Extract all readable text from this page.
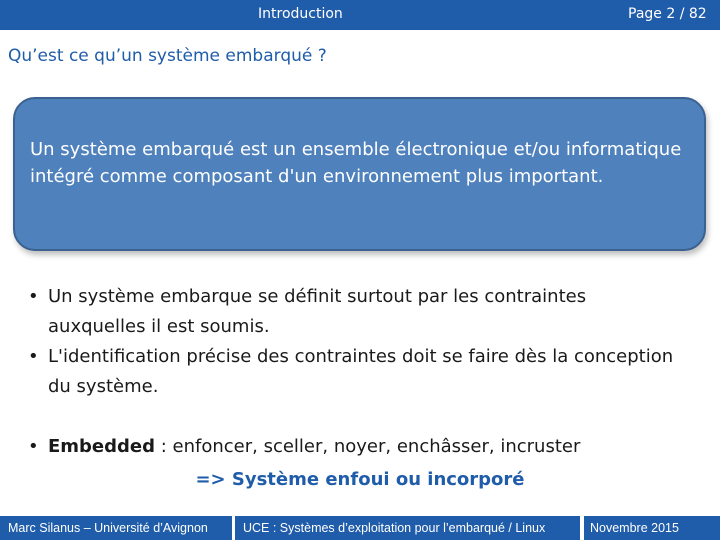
Introduction	Page 2 / 82
Qu’est ce qu’un système embarqué ?
Un système embarqué est un ensemble électronique et/ou informatique intégré comme composant d'un environnement plus important.
• Un système embarque se définit surtout par les contraintes auxquelles il est soumis.
• L'identification précise des contraintes doit se faire dès la conception du système.
• Embedded : enfoncer, sceller, noyer, enchâsser, incruster
=> Système enfoui ou incorporé
Marc Silanus – Université d’Avignon	UCE : Systèmes d’exploitation pour l’embarqué / Linux	Novembre 2015
